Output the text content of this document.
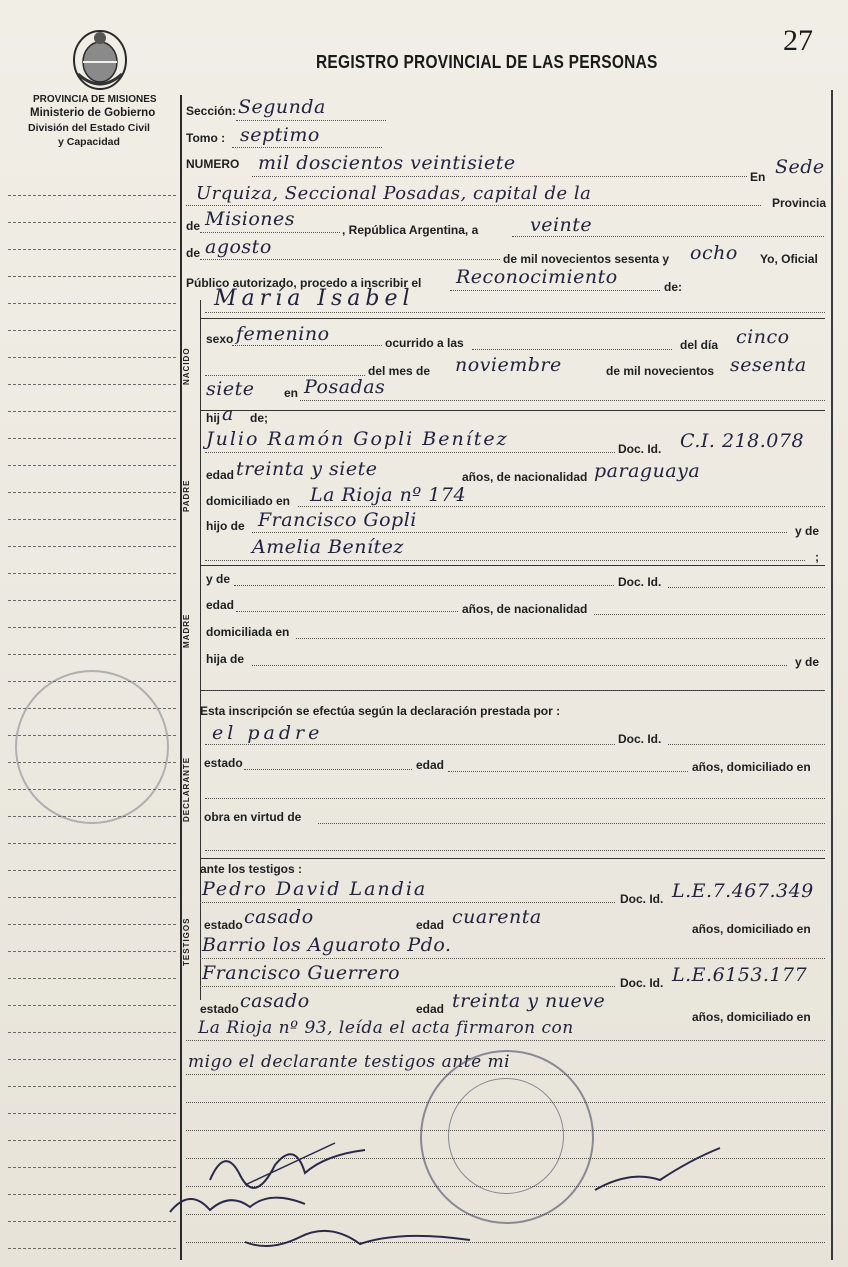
27
PROVINCIA DE MISIONES
Ministerio de Gobierno
División del Estado Civil
y Capacidad
REGISTRO PROVINCIAL DE LAS PERSONAS
NACIDO
PADRE
MADRE
DECLARANTE
TESTIGOS
Sección: Segunda
Tomo : septimo
NUMERO mil doscientos veintisiete
En Sede
Urquiza, Seccional Posadas, capital de la	Provincia
de Misiones	, República Argentina, a	veinte
de agosto
de mil novecientos sesenta y ocho Yo, Oficial
Público autorizado, procedo a inscribir el Reconocimiento	de:
María Isabel
sexo femenino	ocurrido a las	del día cinco
del mes de noviembre	de mil novecientos sesenta
siete en Posadas
hij a de;
Julio Ramón Gopli Benítez	Doc. Id. C.I. 218.078
edad treinta y siete	años, de nacionalidad paraguaya
domiciliado en La Rioja nº 174
hijo de Francisco Gopli	y de
Amelia Benítez	;
y de	Doc. Id.
edad	años, de nacionalidad
domiciliada en
hija de	y de
Esta inscripción se efectúa según la declaración prestada por :
el padre	Doc. Id.
estado	edad	años, domiciliado en
obra en virtud de
ante los testigos :
Pedro David Landia	Doc. Id. L.E.7.467.349
estado casado	edad cuarenta
años, domiciliado en
Barrio los Aguaroto Pdo.
Francisco Guerrero	Doc. Id. L.E.6153.177
estado casado	edad treinta y nueve
años, domiciliado en
La Rioja nº 93, leída el acta firmaron con
migo el declarante testigos ante mi
